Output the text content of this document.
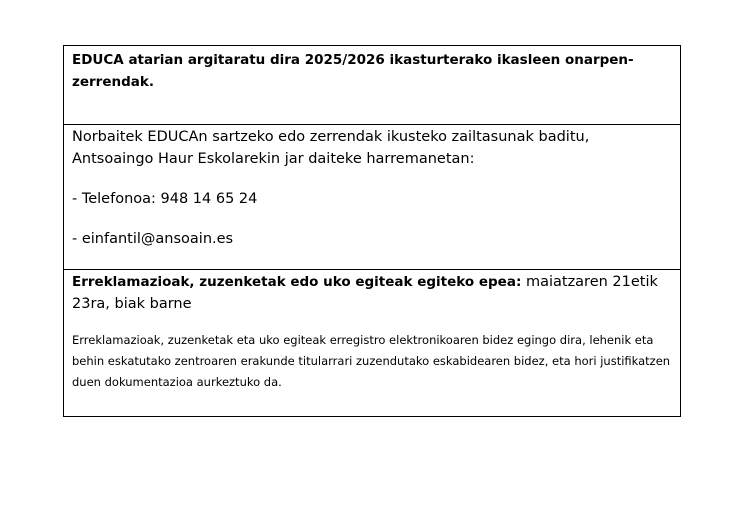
EDUCA atarian argitaratu dira 2025/2026 ikasturterako ikasleen onarpen-zerrendak.

Norbaitek EDUCAn sartzeko edo zerrendak ikusteko zailtasunak baditu,

Antsoaingo Haur Eskolarekin jar daiteke harremanetan:

- Telefonoa: 948 14 65 24

- einfantil@ansoain.es

Erreklamazioak, zuzenketak edo uko egiteak egiteko epea: maiatzaren 21etik 23ra, biak barne

Erreklamazioak, zuzenketak eta uko egiteak erregistro elektronikoaren bidez egingo dira, lehenik eta behin eskatutako zentroaren erakunde titularrari zuzendutako eskabidearen bidez, eta hori justifikatzen duen dokumentazioa aurkeztuko da.
